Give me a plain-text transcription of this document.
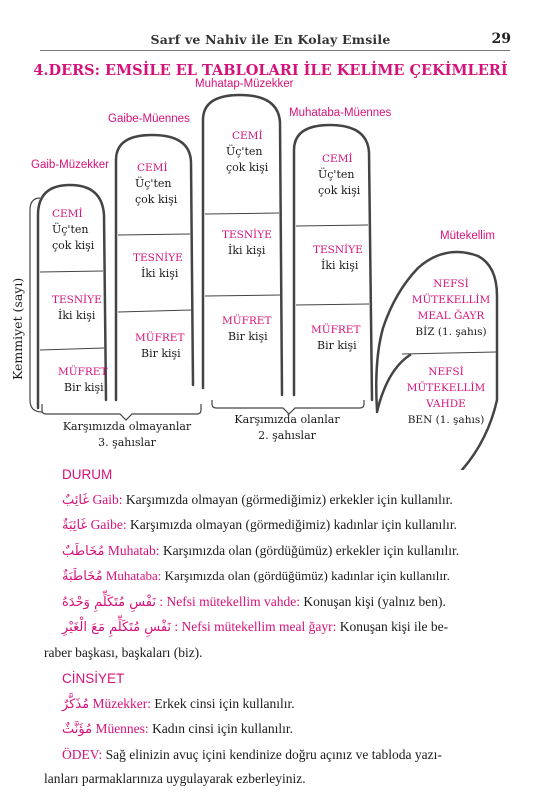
Sarf ve Nahiv ile En Kolay Emsile	29
4.DERS: EMSİLE EL TABLOLARI İLE KELİME ÇEKİMLERİ
Gaib-Müzekker
Gaibe-Müennes
Muhatap-Müzekker
Muhataba-Müennes
Mütekellim
CEMİ
Üç'ten
çok kişi
TESNİYE
İki kişi
MÜFRET
Bir kişi
CEMİ
Üç'ten
çok kişi
TESNİYE
İki kişi
MÜFRET
Bir kişi
CEMİ
Üç'ten
çok kişi
TESNİYE
İki kişi
MÜFRET
Bir kişi
CEMİ
Üç'ten
çok kişi
TESNİYE
İki kişi
MÜFRET
Bir kişi
NEFSİ
MÜTEKELLİM
MEAL ĞAYR
BİZ (1. şahıs)
NEFSİ
MÜTEKELLİM
VAHDE
BEN (1. şahıs)
Kemmiyet (sayı)
Karşımızda olmayanlar
3. şahıslar
Karşımızda olanlar
2. şahıslar
DURUM
غَائِبٌ Gaib: Karşımızda olmayan (görmediğimiz) erkekler için kullanılır.
غَائِبَةٌ Gaibe: Karşımızda olmayan (görmediğimiz) kadınlar için kullanılır.
مُخَاطَبٌ Muhatab: Karşımızda olan (gördüğümüz) erkekler için kullanılır.
مُخَاطَبَةٌ Muhataba: Karşımızda olan (gördüğümüz) kadınlar için kullanılır.
نَفْسِ مُتَكَلِّمِ وَحْدَهُ : Nefsi mütekellim vahde: Konuşan kişi (yalnız ben).
نَفْسِ مُتَكَلِّمِ مَعَ الْغَيْرِ : Nefsi mütekellim meal ğayr: Konuşan kişi ile be-
raber başkası, başkaları (biz).
CİNSİYET
مُذَكَّرٌ Müzekker: Erkek cinsi için kullanılır.
مُؤَنَّثٌ Müennes: Kadın cinsi için kullanılır.
ÖDEV: Sağ elinizin avuç içini kendinize doğru açınız ve tabloda yazı-
lanları parmaklarınıza uygulayarak ezberleyiniz.
